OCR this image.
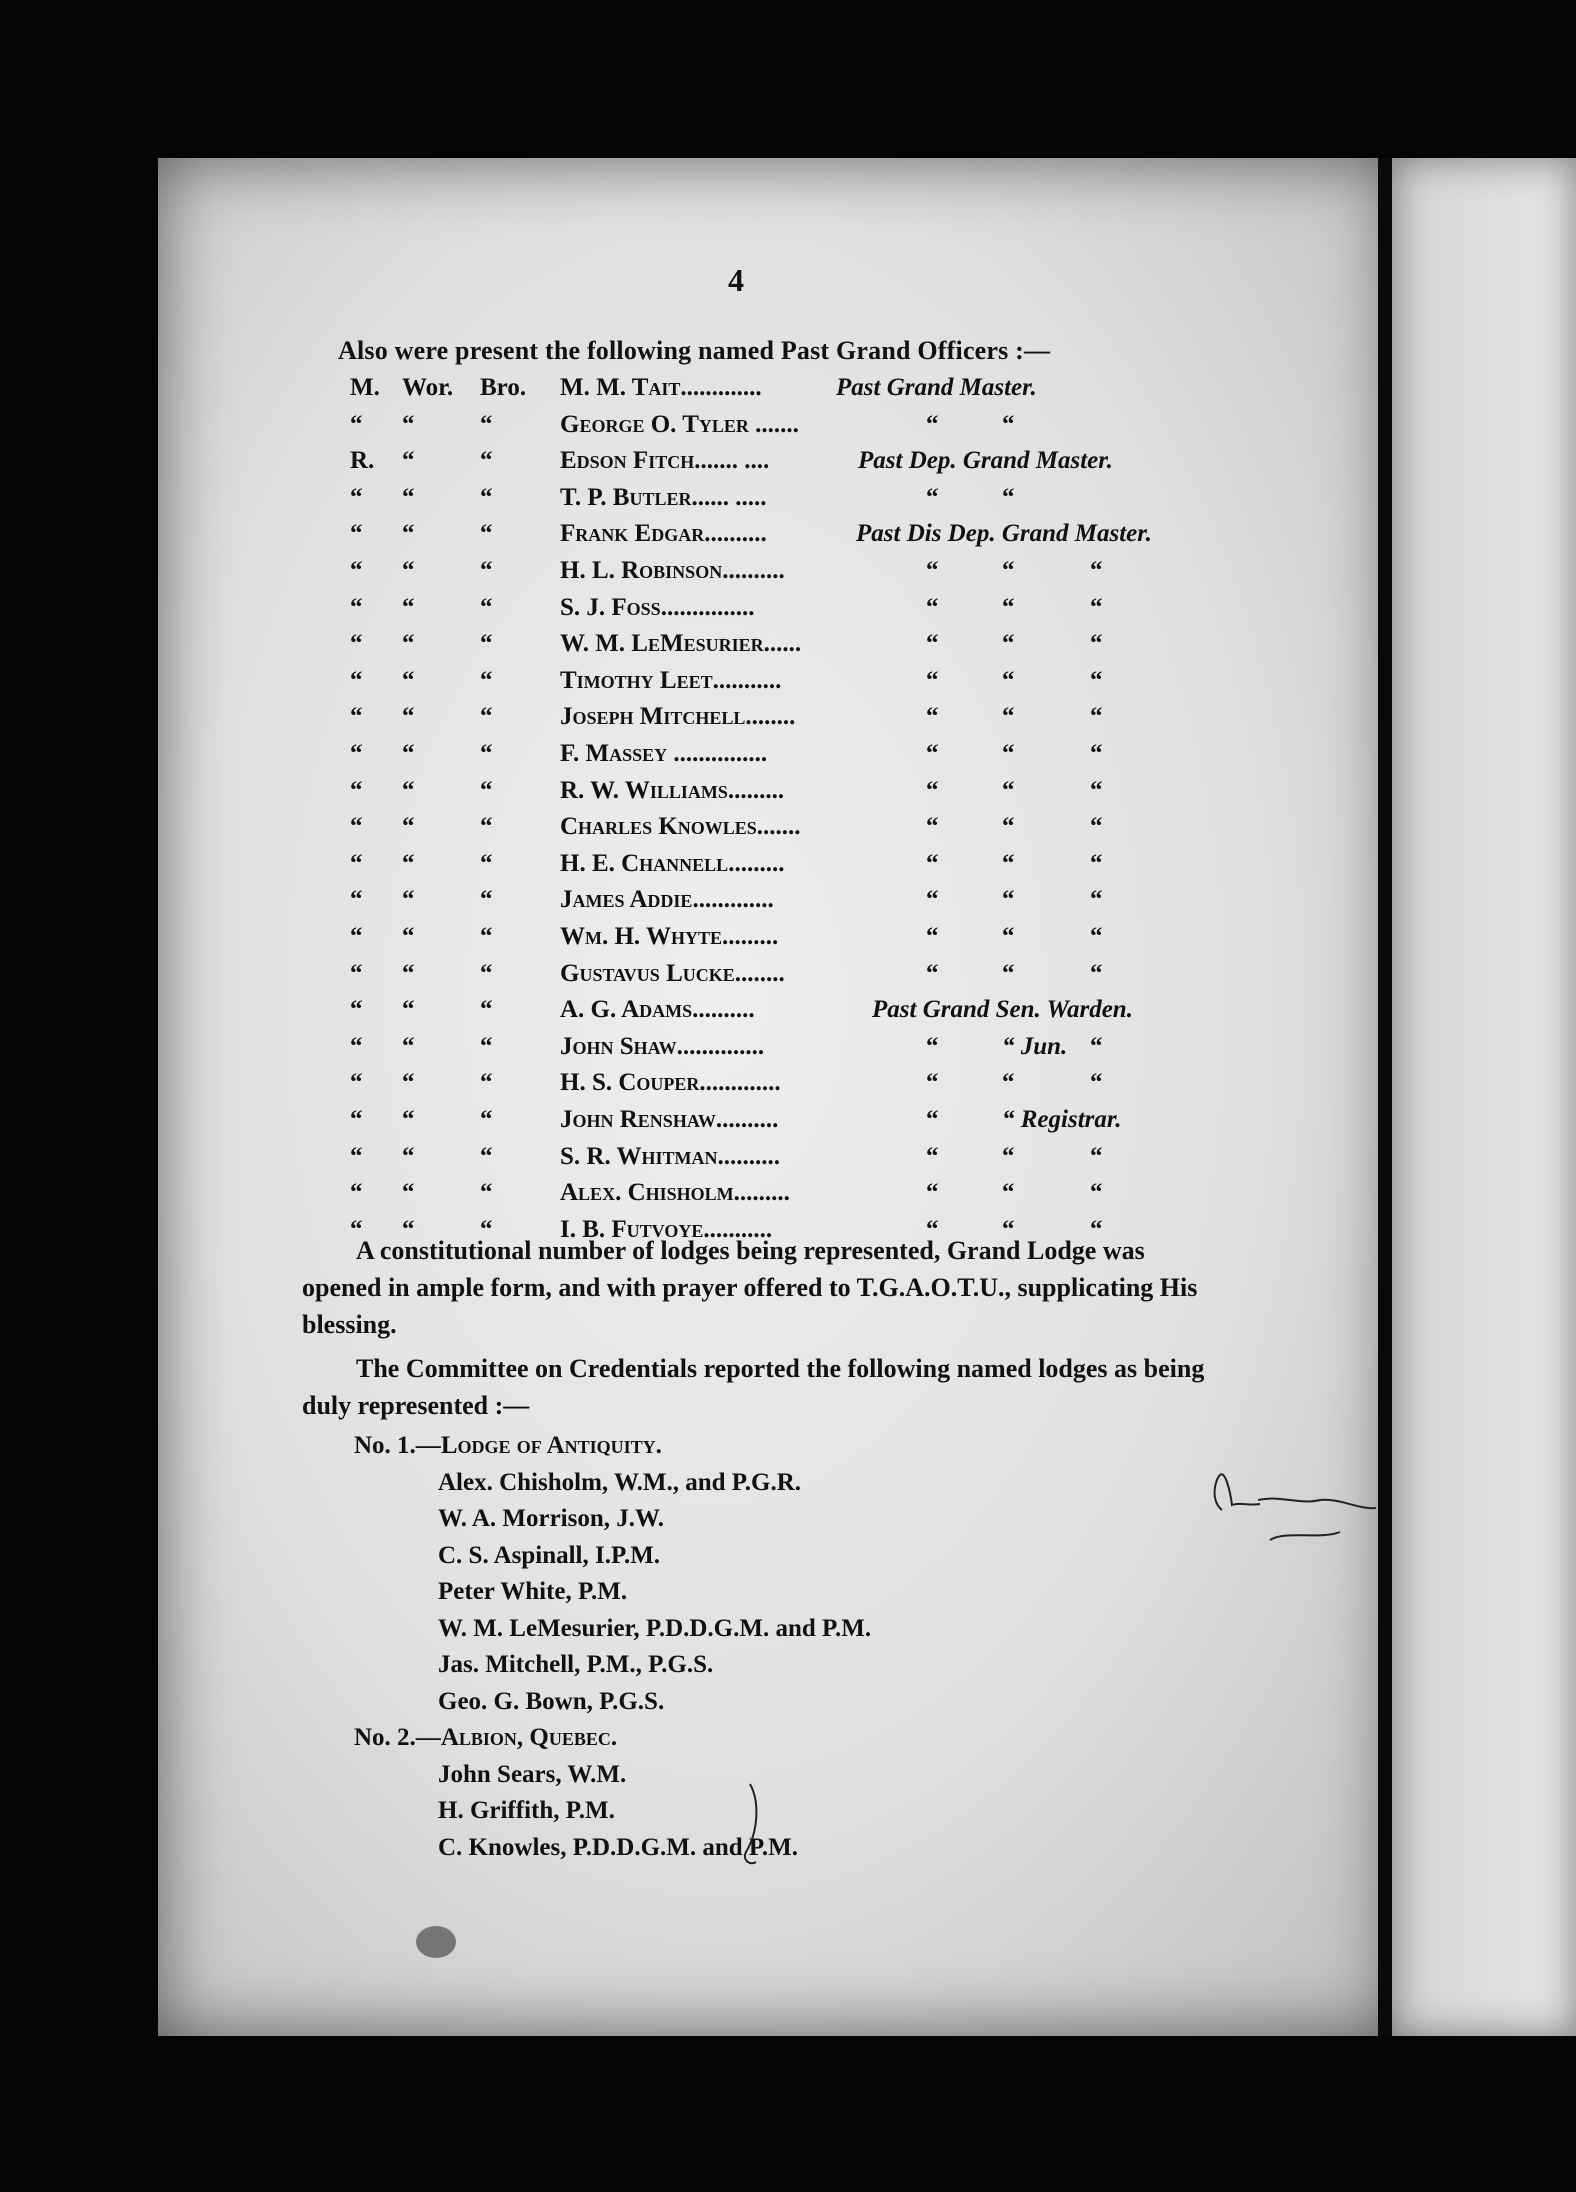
4
Also were present the following named Past Grand Officers :—
M. Wor. Bro. M. M. Tait.............	Past Grand Master.
“ “	“	George O. Tyler .......	“	“
R. “	“	Edson Fitch....... ....	Past Dep. Grand Master.
“ “	“	T. P. Butler...... .....	“	“
“ “	“	Frank Edgar..........	Past Dis Dep. Grand Master.
“ “	“	H. L. Robinson..........	“	“	“
“ “	“	S. J. Foss...............	“	“	“
“ “	“	W. M. LeMesurier......	“	“	“
“ “	“	Timothy Leet...........	“	“	“
“ “	“	Joseph Mitchell........	“	“	“
“ “	“	F. Massey ...............	“	“	“
“ “	“	R. W. Williams.........	“	“	“
“ “	“	Charles Knowles.......	“	“	“
“ “	“	H. E. Channell.........	“	“	“
“ “	“	James Addie.............	“	“	“
“ “	“	Wm. H. Whyte.........	“	“	“
“ “	“	Gustavus Lucke........	“	“	“
“ “	“	A. G. Adams..........	Past Grand Sen. Warden.
“ “	“	John Shaw..............	“	“ Jun. “
“ “	“	H. S. Couper.............	“	“	“
“ “	“	John Renshaw..........	“	“ Registrar.
“ “	“	S. R. Whitman..........	“	“	“
“ “	“	Alex. Chisholm.........	“	“	“
“ “	“	I. B. Futvoye...........	“	“	“
A constitutional number of lodges being represented, Grand Lodge was opened in ample form, and with prayer offered to T.G.A.O.T.U., supplicating His blessing.
The Committee on Credentials reported the following named lodges as being duly represented :—
No. 1.—Lodge of Antiquity.
Alex. Chisholm, W.M., and P.G.R.
W. A. Morrison, J.W.
C. S. Aspinall, I.P.M.
Peter White, P.M.
W. M. LeMesurier, P.D.D.G.M. and P.M.
Jas. Mitchell, P.M., P.G.S.
Geo. G. Bown, P.G.S.
No. 2.—Albion, Quebec.
John Sears, W.M.
H. Griffith, P.M.
C. Knowles, P.D.D.G.M. and P.M.
